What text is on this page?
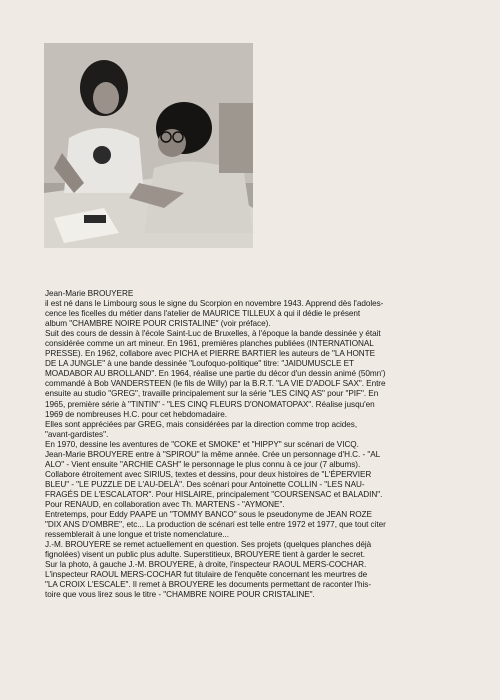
Jean-Marie BROUYERE

il est né dans le Limbourg sous le signe du Scorpion en novembre 1943. Apprend dès l'adoles-

cence les ficelles du métier dans l'atelier de MAURICE TILLEUX à qui il dédie le présent

album "CHAMBRE NOIRE POUR CRISTALINE" (voir préface).

Suit des cours de dessin à l'école Saint-Luc de Bruxelles, à l'époque la bande dessinée y était

considérée comme un art mineur. En 1961, premières planches publiées (INTERNATIONAL

PRESSE). En 1962, collabore avec PICHA et PIERRE BARTIER les auteurs de "LA HONTE

DE LA JUNGLE" à une bande dessinée "Loufoquo-politique" titre: "JAIDUMUSCLE ET

MOADABOR AU BROLLAND". En 1964, réalise une partie du décor d'un dessin animé (50mn')

commandé à Bob VANDERSTEEN (le fils de Willy) par la B.R.T. "LA VIE D'ADOLF SAX". Entre

ensuite au studio "GREG", travaille principalement sur la série "LES CINQ AS" pour "PIF". En

1965, première série à "TINTIN" - "LES CINQ FLEURS D'ONOMATOPAX". Réalise jusqu'en

1969 de nombreuses H.C. pour cet hebdomadaire.

Elles sont appréciées par GREG, mais considérées par la direction comme trop acides,

"avant-gardistes".

En 1970, dessine les aventures de "COKE et SMOKE" et "HIPPY" sur scénari de VICQ.

Jean-Marie BROUYERE entre à "SPIROU" la même année. Crée un personnage d'H.C. - "AL

ALO" - Vient ensuite "ARCHIE CASH" le personnage le plus connu à ce jour (7 albums).

Collabore étroitement avec SIRIUS, textes et dessins, pour deux histoires de "L'ÉPERVIER

BLEU" - "LE PUZZLE DE L'AU-DELÀ". Des scénari pour Antoinette COLLIN - "LES NAU-

FRAGÉS DE L'ESCALATOR". Pour HISLAIRE, principalement "COURSENSAC et BALADIN".

Pour RENAUD, en collaboration avec Th. MARTENS - "AYMONE".

Entretemps, pour Eddy PAAPE un "TOMMY BANCO" sous le pseudonyme de JEAN ROZE

"DIX ANS D'OMBRE", etc... La production de scénari est telle entre 1972 et 1977, que tout citer

ressemblerait à une longue et triste nomenclature...

J.-M. BROUYERE se remet actuellement en question. Ses projets (quelques planches déjà

fignolées) visent un public plus adulte. Superstitieux, BROUYERE tient à garder le secret.

Sur la photo, à gauche J.-M. BROUYERE, à droite, l'inspecteur RAOUL MERS-COCHAR.

L'inspecteur RAOUL MERS-COCHAR fut titulaire de l'enquête concernant les meurtres de

"LA CROIX L'ESCALE". Il remet à BROUYERE les documents permettant de raconter l'his-

toire que vous lirez sous le titre - "CHAMBRE NOIRE POUR CRISTALINE".
